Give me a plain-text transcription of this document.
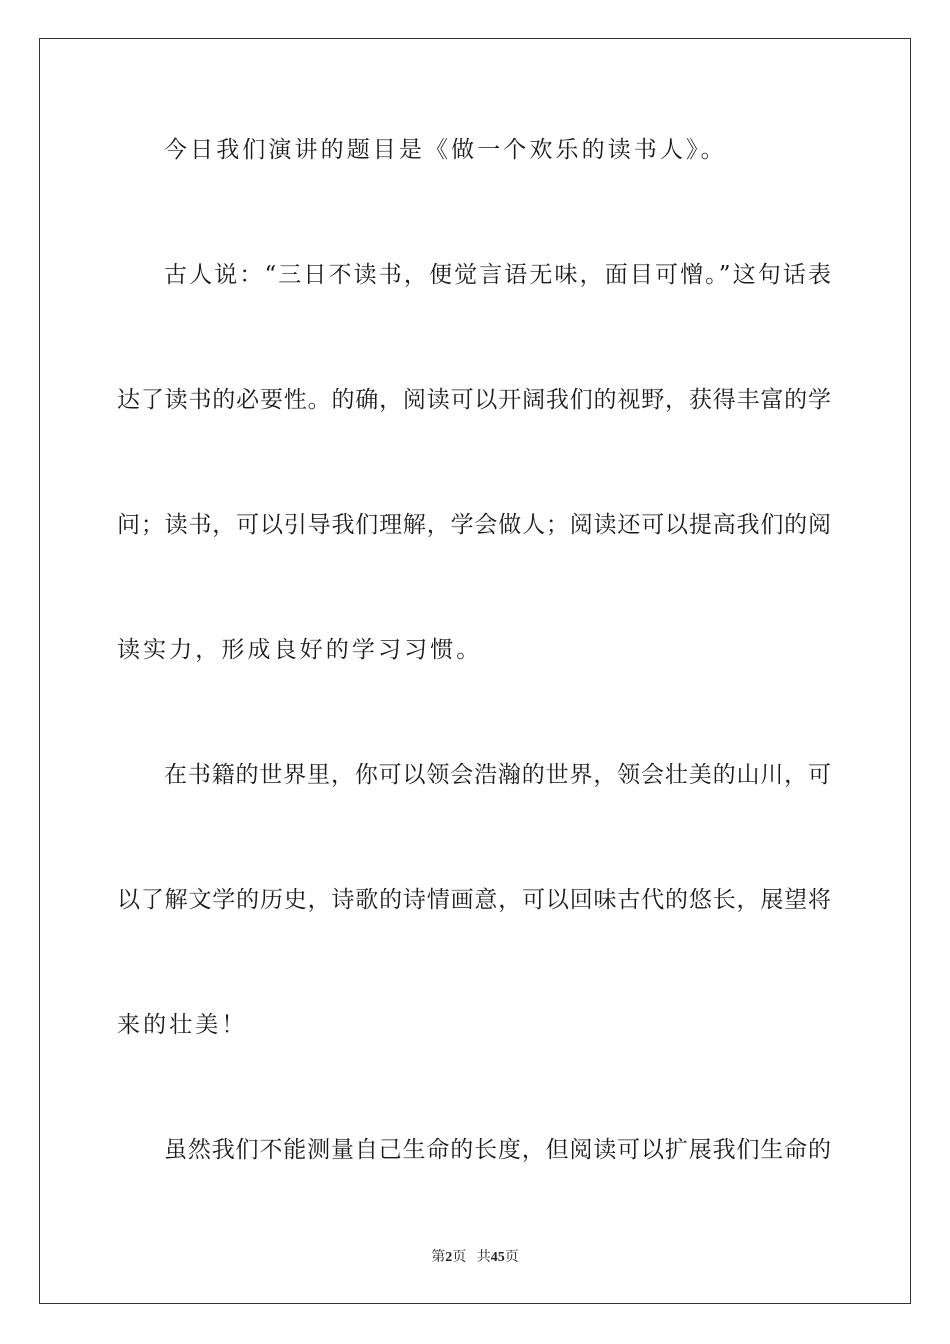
今日我们演讲的题目是《做一个欢乐的读书人》。
古人说：“三日不读书，便觉言语无味，面目可憎。”这句话表
达了读书的必要性。的确，阅读可以开阔我们的视野，获得丰富的学
问；读书，可以引导我们理解，学会做人；阅读还可以提高我们的阅
读实力，形成良好的学习习惯。
在书籍的世界里，你可以领会浩瀚的世界，领会壮美的山川，可
以了解文学的历史，诗歌的诗情画意，可以回味古代的悠长，展望将
来的壮美！
虽然我们不能测量自己生命的长度，但阅读可以扩展我们生命的
第2页 共45页
